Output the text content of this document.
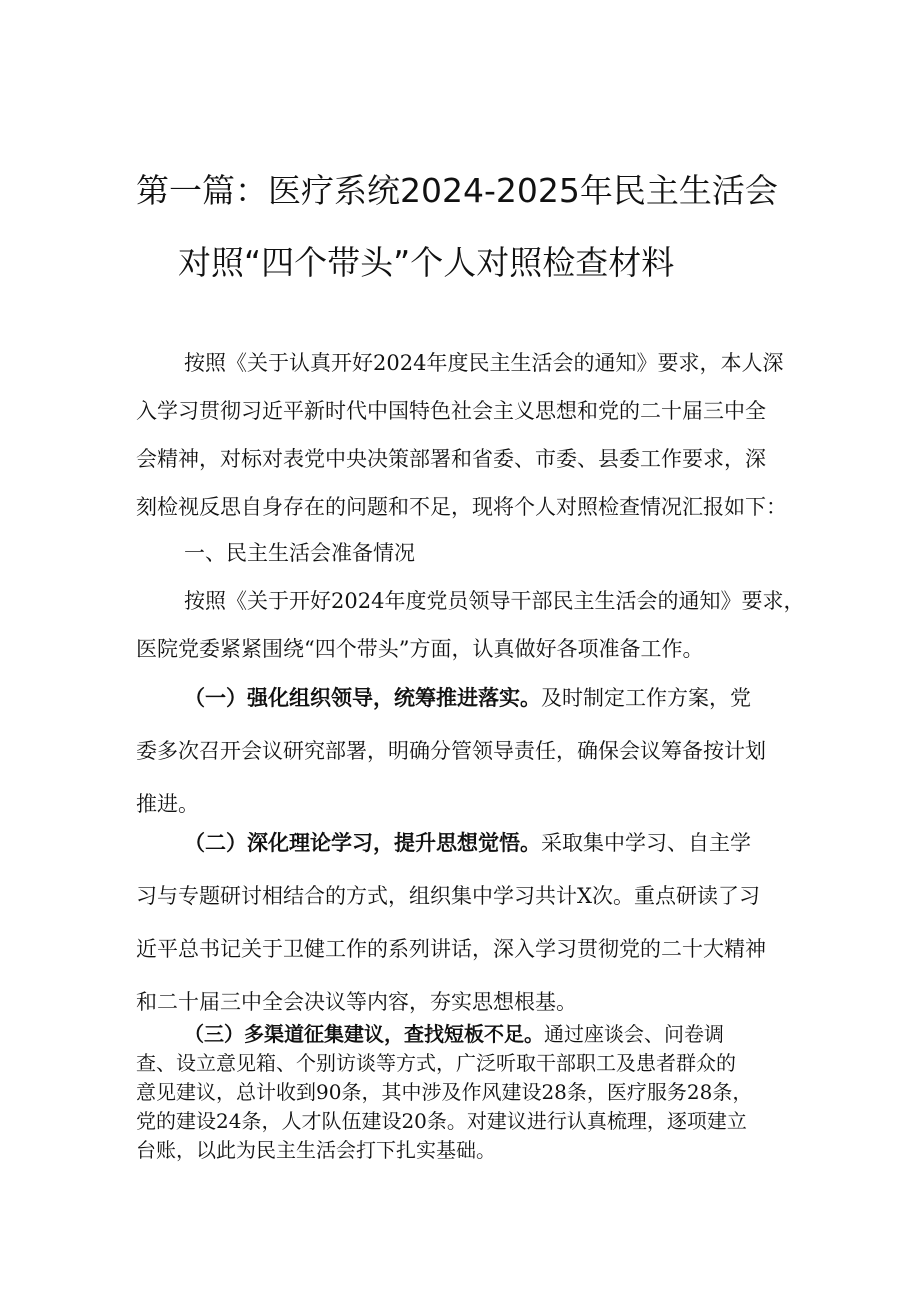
第一篇：医疗系统2024-2025年民主生活会
对照“四个带头”个人对照检查材料
按照《关于认真开好2024年度民主生活会的通知》要求，本人深
入学习贯彻习近平新时代中国特色社会主义思想和党的二十届三中全
会精神，对标对表党中央决策部署和省委、市委、县委工作要求，深
刻检视反思自身存在的问题和不足，现将个人对照检查情况汇报如下：
一、民主生活会准备情况
按照《关于开好2024年度党员领导干部民主生活会的通知》要求，
医院党委紧紧围绕“四个带头”方面，认真做好各项准备工作。
（一）强化组织领导，统筹推进落实。及时制定工作方案，党
委多次召开会议研究部署，明确分管领导责任，确保会议筹备按计划
推进。
（二）深化理论学习，提升思想觉悟。采取集中学习、自主学
习与专题研讨相结合的方式，组织集中学习共计X次。重点研读了习
近平总书记关于卫健工作的系列讲话，深入学习贯彻党的二十大精神
和二十届三中全会决议等内容，夯实思想根基。
（三）多渠道征集建议，查找短板不足。通过座谈会、问卷调
查、设立意见箱、个别访谈等方式，广泛听取干部职工及患者群众的
意见建议，总计收到90条，其中涉及作风建设28条，医疗服务28条，
党的建设24条，人才队伍建设20条。对建议进行认真梳理，逐项建立
台账，以此为民主生活会打下扎实基础。
